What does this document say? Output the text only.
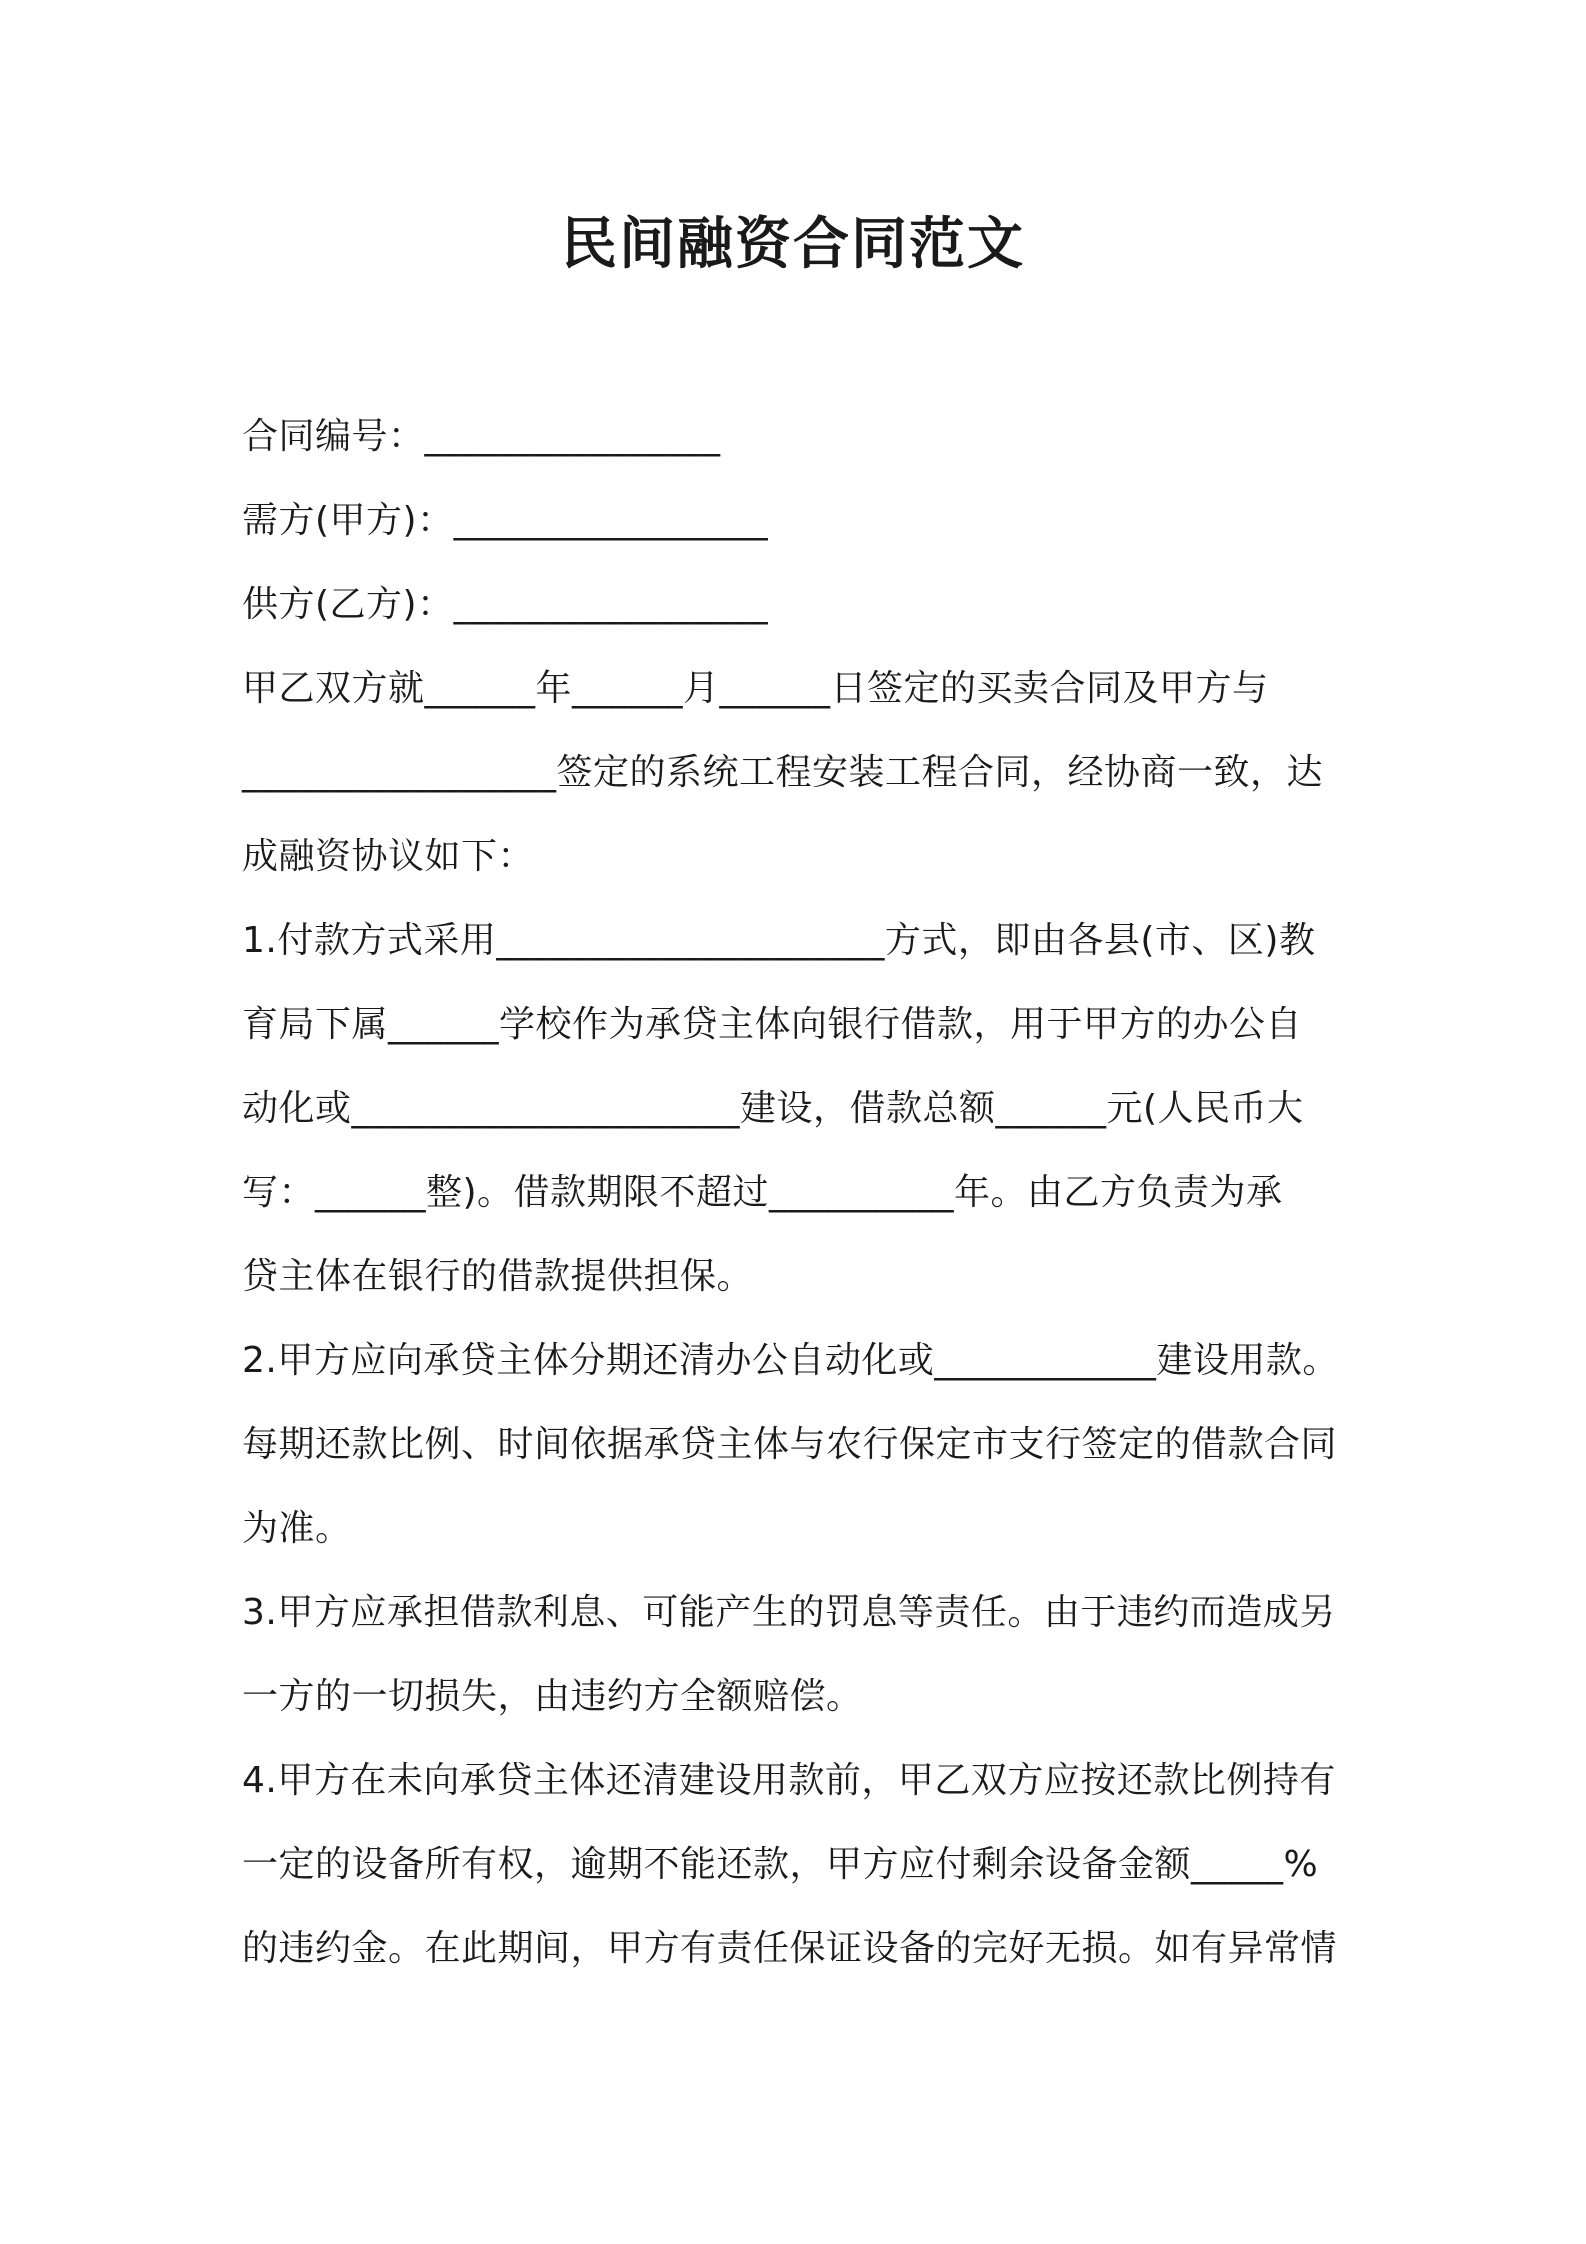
民间融资合同范文
合同编号：________________
需方(甲方)：_________________
供方(乙方)：_________________
甲乙双方就______年______月______日签定的买卖合同及甲方与
_________________签定的系统工程安装工程合同，经协商一致，达
成融资协议如下：
1.付款方式采用_____________________方式，即由各县(市、区)教
育局下属______学校作为承贷主体向银行借款，用于甲方的办公自
动化或_____________________建设，借款总额______元(人民币大
写：______整)。借款期限不超过__________年。由乙方负责为承
贷主体在银行的借款提供担保。
2.甲方应向承贷主体分期还清办公自动化或____________建设用款。
每期还款比例、时间依据承贷主体与农行保定市支行签定的借款合同
为准。
3.甲方应承担借款利息、可能产生的罚息等责任。由于违约而造成另
一方的一切损失，由违约方全额赔偿。
4.甲方在未向承贷主体还清建设用款前，甲乙双方应按还款比例持有
一定的设备所有权，逾期不能还款，甲方应付剩余设备金额_____%
的违约金。在此期间，甲方有责任保证设备的完好无损。如有异常情
